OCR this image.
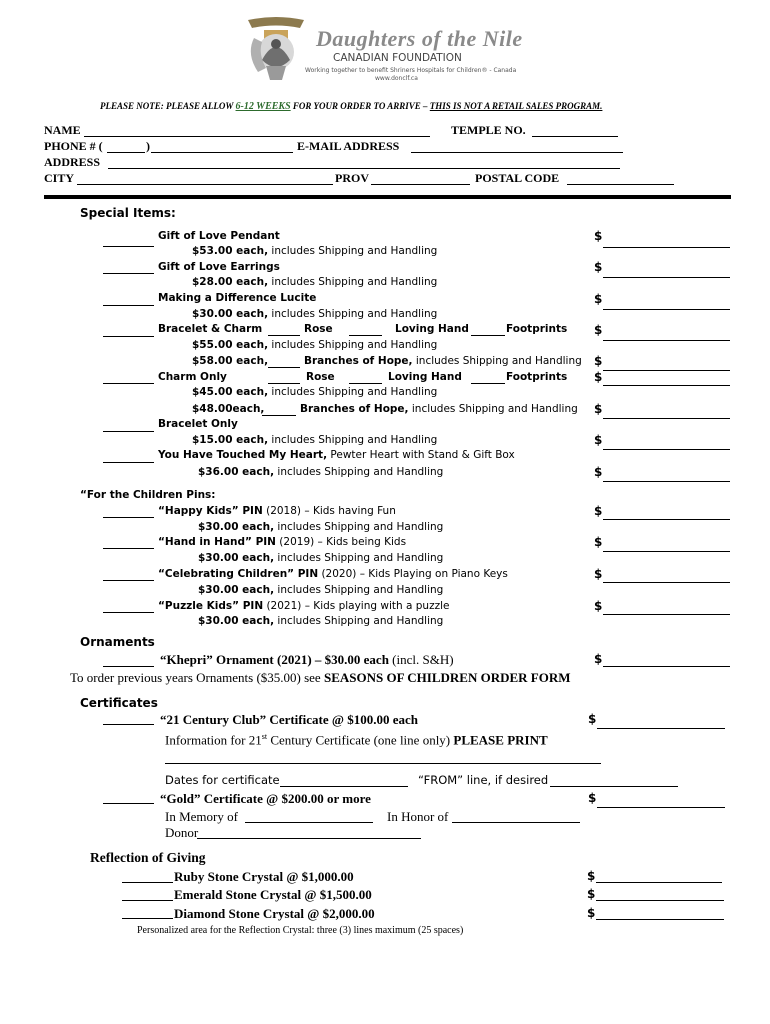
Daughters of the Nile
CANADIAN FOUNDATION
Working together to benefit Shriners Hospitals for Children® - Canada
www.donclf.ca
PLEASE NOTE: PLEASE ALLOW 6-12 WEEKS FOR YOUR ORDER TO ARRIVE – THIS IS NOT A RETAIL SALES PROGRAM.
NAME	TEMPLE NO.
PHONE # (	)	E-MAIL ADDRESS
ADDRESS
CITY	PROV	POSTAL CODE
Special Items:
Gift of Love Pendant
$53.00 each, includes Shipping and Handling
$
Gift of Love Earrings
$28.00 each, includes Shipping and Handling
$
Making a Difference Lucite
$30.00 each, includes Shipping and Handling
$
Bracelet & Charm	Rose	Loving Hand	Footprints $
$55.00 each, includes Shipping and Handling
$58.00 each,	Branches of Hope, includes Shipping and Handling $
Charm Only	Rose	Loving Hand	Footprints $
$45.00 each, includes Shipping and Handling
$48.00each,	Branches of Hope, includes Shipping and Handling $
Bracelet Only
$15.00 each, includes Shipping and Handling	$
You Have Touched My Heart, Pewter Heart with Stand & Gift Box
$36.00 each, includes Shipping and Handling	$
“For the Children Pins:
“Happy Kids” PIN (2018) – Kids having Fun
$30.00 each, includes Shipping and Handling
$
“Hand in Hand” PIN (2019) – Kids being Kids
$30.00 each, includes Shipping and Handling
$
“Celebrating Children” PIN (2020) – Kids Playing on Piano Keys
$30.00 each, includes Shipping and Handling
$
“Puzzle Kids” PIN (2021) – Kids playing with a puzzle
$30.00 each, includes Shipping and Handling
$
Ornaments
“Khepri” Ornament (2021) – $30.00 each (incl. S&H)	$
To order previous years Ornaments ($35.00) see SEASONS OF CHILDREN ORDER FORM
Certificates
“21 Century Club” Certificate @ $100.00 each	$
Information for 21st Century Certificate (one line only) PLEASE PRINT
Dates for certificate	“FROM” line, if desired
“Gold” Certificate @ $200.00 or more	$
In Memory of	In Honor of
Donor
Reflection of Giving
Ruby Stone Crystal @ $1,000.00	$
Emerald Stone Crystal @ $1,500.00	$
Diamond Stone Crystal @ $2,000.00	$
Personalized area for the Reflection Crystal: three (3) lines maximum (25 spaces)
